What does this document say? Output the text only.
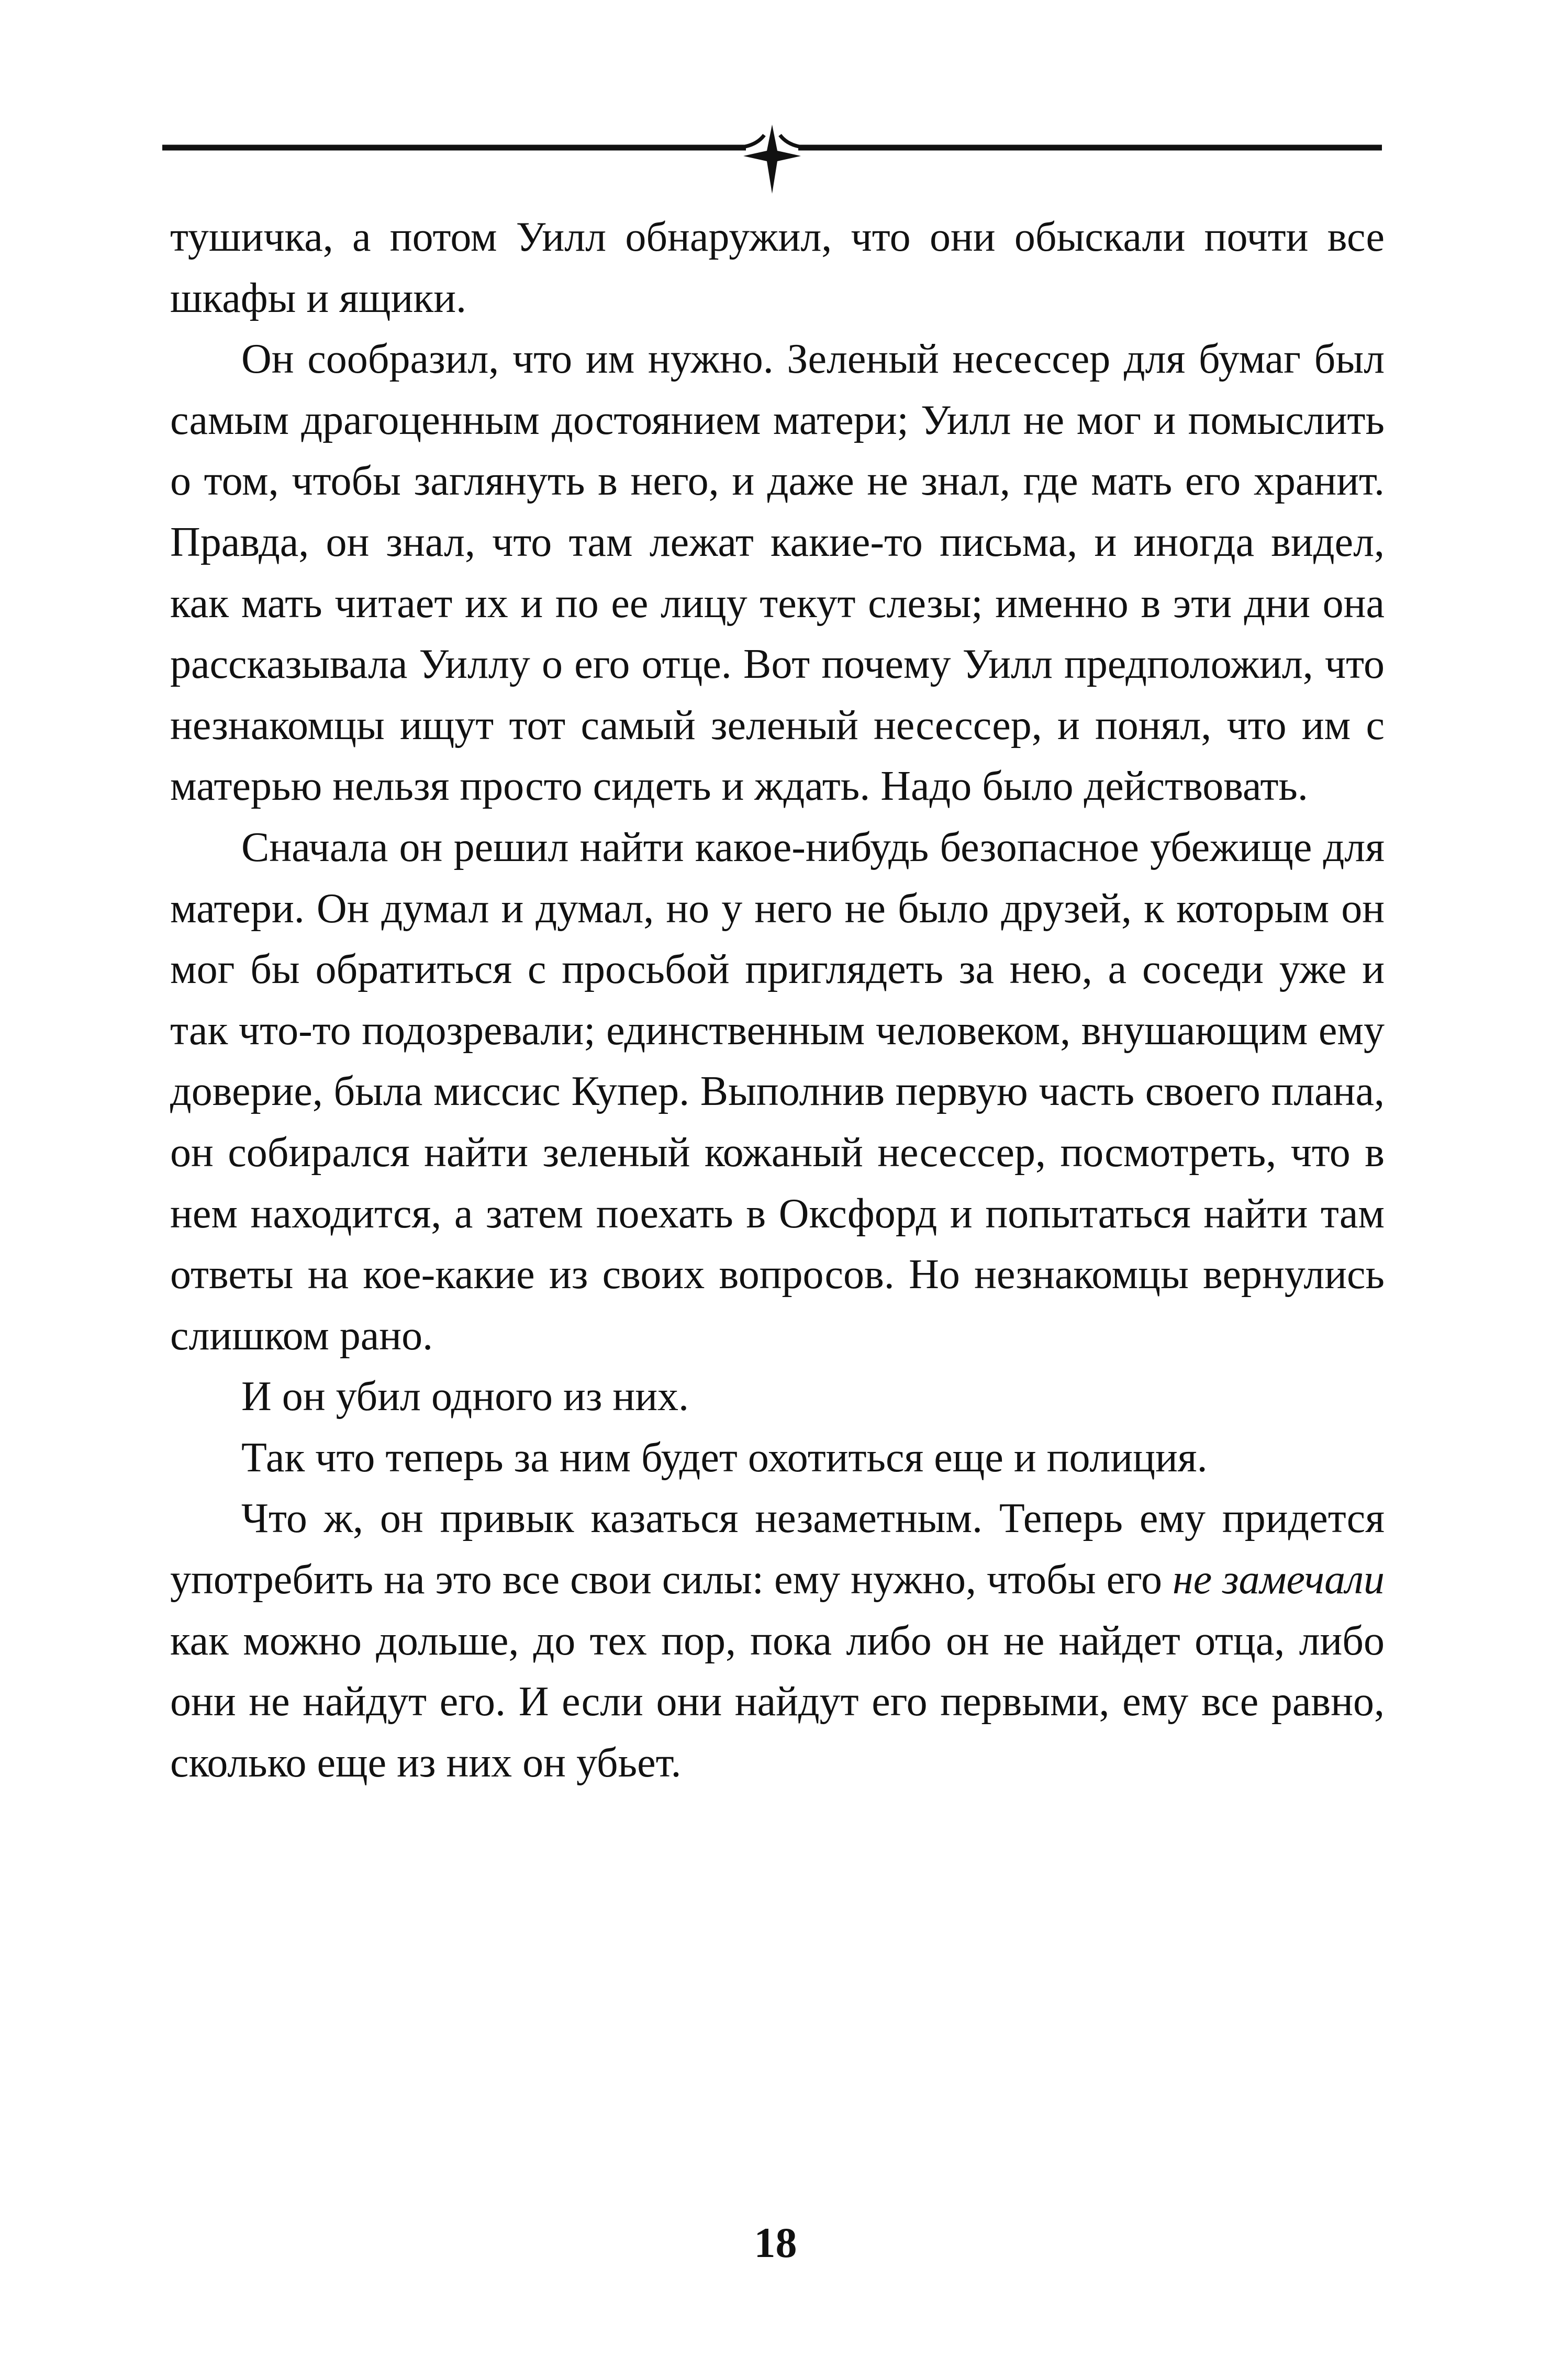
тушичка, а потом Уилл обнаружил, что они обыскали почти все шкафы и ящики.

Он сообразил, что им нужно. Зеленый несессер для бумаг был самым драгоценным достоянием матери; Уилл не мог и помыслить о том, чтобы заглянуть в него, и даже не знал, где мать его хранит. Правда, он знал, что там лежат какие-то письма, и иногда видел, как мать читает их и по ее лицу текут слезы; именно в эти дни она рассказывала Уиллу о его отце. Вот почему Уилл предположил, что незнакомцы ищут тот самый зеленый несессер, и понял, что им с матерью нельзя просто сидеть и ждать. Надо было действовать.

Сначала он решил найти какое-нибудь безопасное убежище для матери. Он думал и думал, но у него не было друзей, к которым он мог бы обратиться с просьбой приглядеть за нею, а соседи уже и так что-то подозревали; единственным человеком, внушающим ему доверие, была миссис Купер. Выполнив первую часть своего плана, он собирался найти зеленый кожаный несессер, посмотреть, что в нем находится, а затем поехать в Оксфорд и попытаться найти там ответы на кое-какие из своих вопросов. Но незнакомцы вернулись слишком рано.

И он убил одного из них.

Так что теперь за ним будет охотиться еще и полиция.

Что ж, он привык казаться незаметным. Теперь ему придется употребить на это все свои силы: ему нужно, чтобы его не замечали как можно дольше, до тех пор, пока либо он не найдет отца, либо они не найдут его. И если они найдут его первыми, ему все равно, сколько еще из них он убьет.

18
